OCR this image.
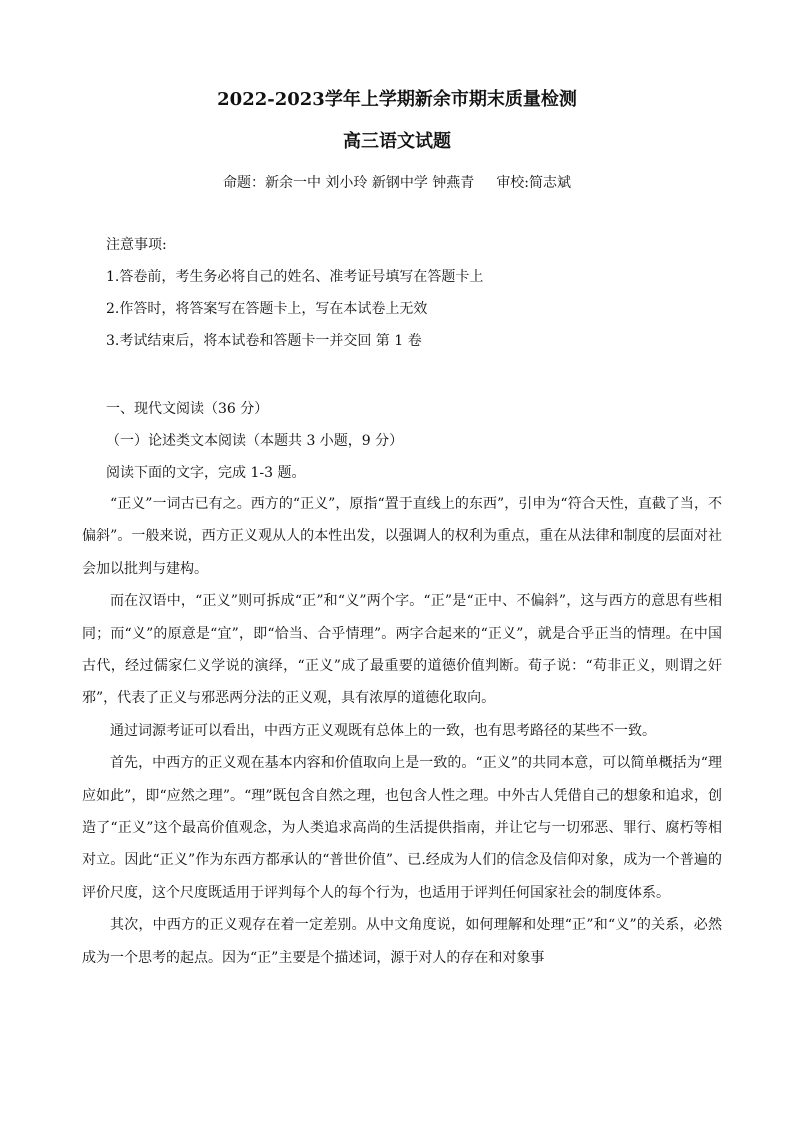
2022-2023学年上学期新余市期末质量检测
高三语文试题
命题：新余一中 刘小玲 新钢中学 钟燕青 审校:简志斌
注意事项:
1.答卷前，考生务必将自己的姓名、准考证号填写在答题卡上
2.作答时，将答案写在答题卡上，写在本试卷上无效
3.考试结束后，将本试卷和答题卡一并交回 第 1 卷
一、现代文阅读（36 分）
（一）论述类文本阅读（本题共 3 小题，9 分）
阅读下面的文字，完成 1-3 题。

“正义”一词古已有之。西方的“正义”，原指“置于直线上的东西”，引申为“符合天性，直截了当，不偏斜”。一般来说，西方正义观从人的本性出发，以强调人的权利为重点，重在从法律和制度的层面对社会加以批判与建构。

而在汉语中，“正义”则可拆成“正”和“义”两个字。“正”是“正中、不偏斜”，这与西方的意思有些相同；而“义”的原意是“宜”，即“恰当、合乎情理”。两字合起来的“正义”，就是合乎正当的情理。在中国古代，经过儒家仁义学说的演绎，“正义”成了最重要的道德价值判断。荀子说：“苟非正义，则谓之奸邪”，代表了正义与邪恶两分法的正义观，具有浓厚的道德化取向。

通过词源考证可以看出，中西方正义观既有总体上的一致，也有思考路径的某些不一致。

首先，中西方的正义观在基本内容和价值取向上是一致的。“正义”的共同本意，可以简单概括为“理应如此”，即“应然之理”。“理”既包含自然之理，也包含人性之理。中外古人凭借自己的想象和追求，创造了“正义”这个最高价值观念，为人类追求高尚的生活提供指南，并让它与一切邪恶、罪行、腐朽等相对立。因此“正义”作为东西方都承认的“普世价值”、已.经成为人们的信念及信仰对象，成为一个普遍的评价尺度，这个尺度既适用于评判每个人的每个行为，也适用于评判任何国家社会的制度体系。

其次，中西方的正义观存在着一定差别。从中文角度说，如何理解和处理“正”和“义”的关系，必然成为一个思考的起点。因为“正”主要是个描述词，源于对人的存在和对象事
